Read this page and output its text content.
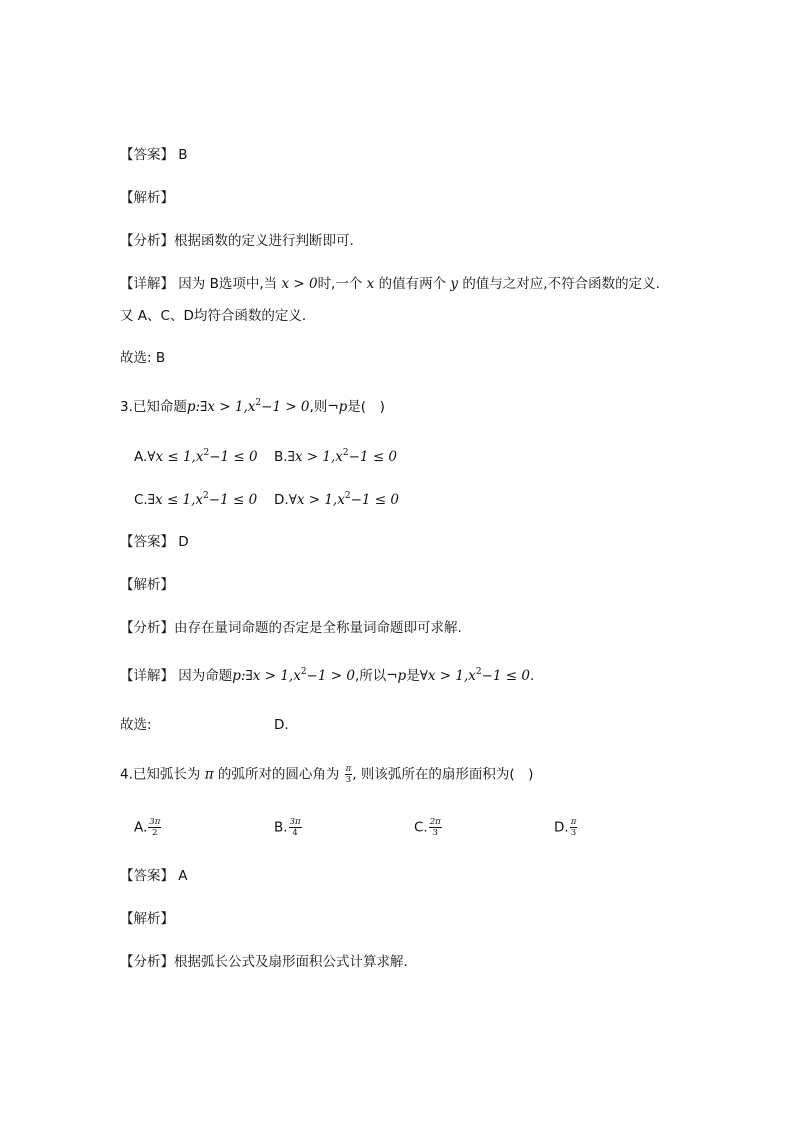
【答案】 B
【解析】
【分析】根据函数的定义进行判断即可.
【详解】 因为 B选项中,当 x > 0时,一个 x 的值有两个 y 的值与之对应,不符合函数的定义.
又 A、C、D均符合函数的定义.
故选: B
3.已知命题p:∃x > $1,x^2-1 > 0$,则¬p是(　)
A.∀x ≤ $1,x^2-1 \le 0$ B.∃x > $1,x^2-1 \le 0$
C.∃x ≤ $1,x^2-1 \le 0$ D.∀x > $1,x^2-1 \le 0$
【答案】 D
【解析】
【分析】由存在量词命题的否定是全称量词命题即可求解.
【详解】 因为命题p:∃x > $1,x^2-1 > 0$,所以¬p是∀x > $1,x^2-1 \le 0$.
故选:	D.
4.已知弧长为 π 的弧所对的圆心角为 $\frac{\pi}{3}$ , 则该弧所在的扇形面积为(　)
A. $\frac{3\pi}{2}$	B. $\frac{3\pi}{4}$	C. $\frac{2\pi}{3}$	D. $\frac{\pi}{3}$
【答案】 A
【解析】
【分析】根据弧长公式及扇形面积公式计算求解.
